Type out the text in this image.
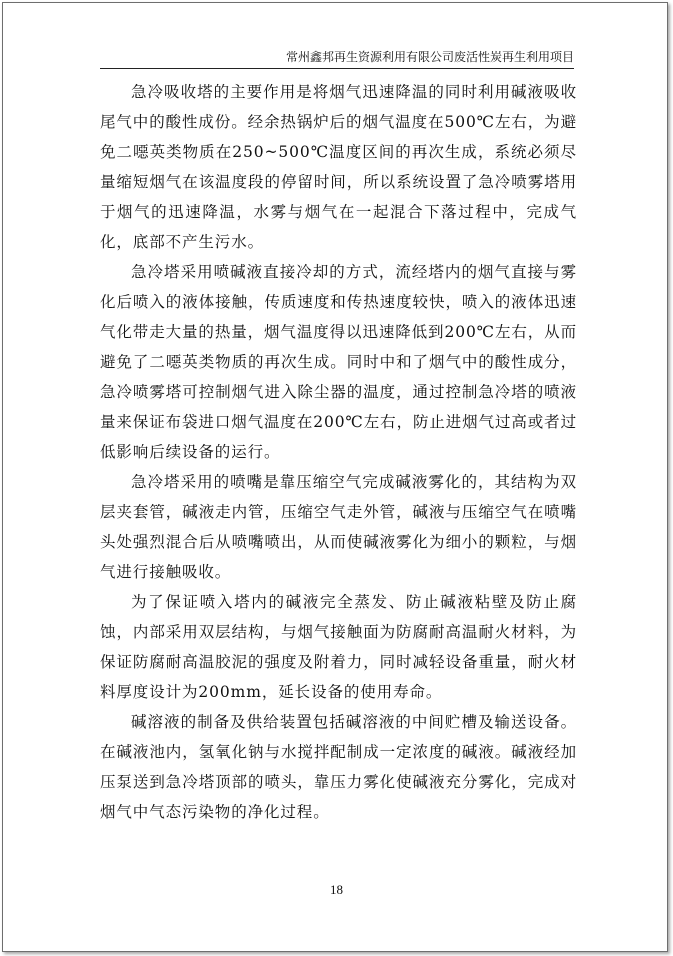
常州鑫邦再生资源利用有限公司废活性炭再生利用项目

急冷吸收塔的主要作用是将烟气迅速降温的同时利用碱液吸收尾气中的酸性成份。经余热锅炉后的烟气温度在500℃左右，为避免二噁英类物质在250~500℃温度区间的再次生成，系统必须尽量缩短烟气在该温度段的停留时间，所以系统设置了急冷喷雾塔用于烟气的迅速降温，水雾与烟气在一起混合下落过程中，完成气化，底部不产生污水。

急冷塔采用喷碱液直接冷却的方式，流经塔内的烟气直接与雾化后喷入的液体接触，传质速度和传热速度较快，喷入的液体迅速气化带走大量的热量，烟气温度得以迅速降低到200℃左右，从而避免了二噁英类物质的再次生成。同时中和了烟气中的酸性成分，急冷喷雾塔可控制烟气进入除尘器的温度，通过控制急冷塔的喷液量来保证布袋进口烟气温度在200℃左右，防止进烟气过高或者过低影响后续设备的运行。

急冷塔采用的喷嘴是靠压缩空气完成碱液雾化的，其结构为双层夹套管，碱液走内管，压缩空气走外管，碱液与压缩空气在喷嘴头处强烈混合后从喷嘴喷出，从而使碱液雾化为细小的颗粒，与烟气进行接触吸收。

为了保证喷入塔内的碱液完全蒸发、防止碱液粘壁及防止腐蚀，内部采用双层结构，与烟气接触面为防腐耐高温耐火材料，为保证防腐耐高温胶泥的强度及附着力，同时减轻设备重量，耐火材料厚度设计为200mm，延长设备的使用寿命。

碱溶液的制备及供给装置包括碱溶液的中间贮槽及输送设备。在碱液池内，氢氧化钠与水搅拌配制成一定浓度的碱液。碱液经加压泵送到急冷塔顶部的喷头，靠压力雾化使碱液充分雾化，完成对烟气中气态污染物的净化过程。

18
